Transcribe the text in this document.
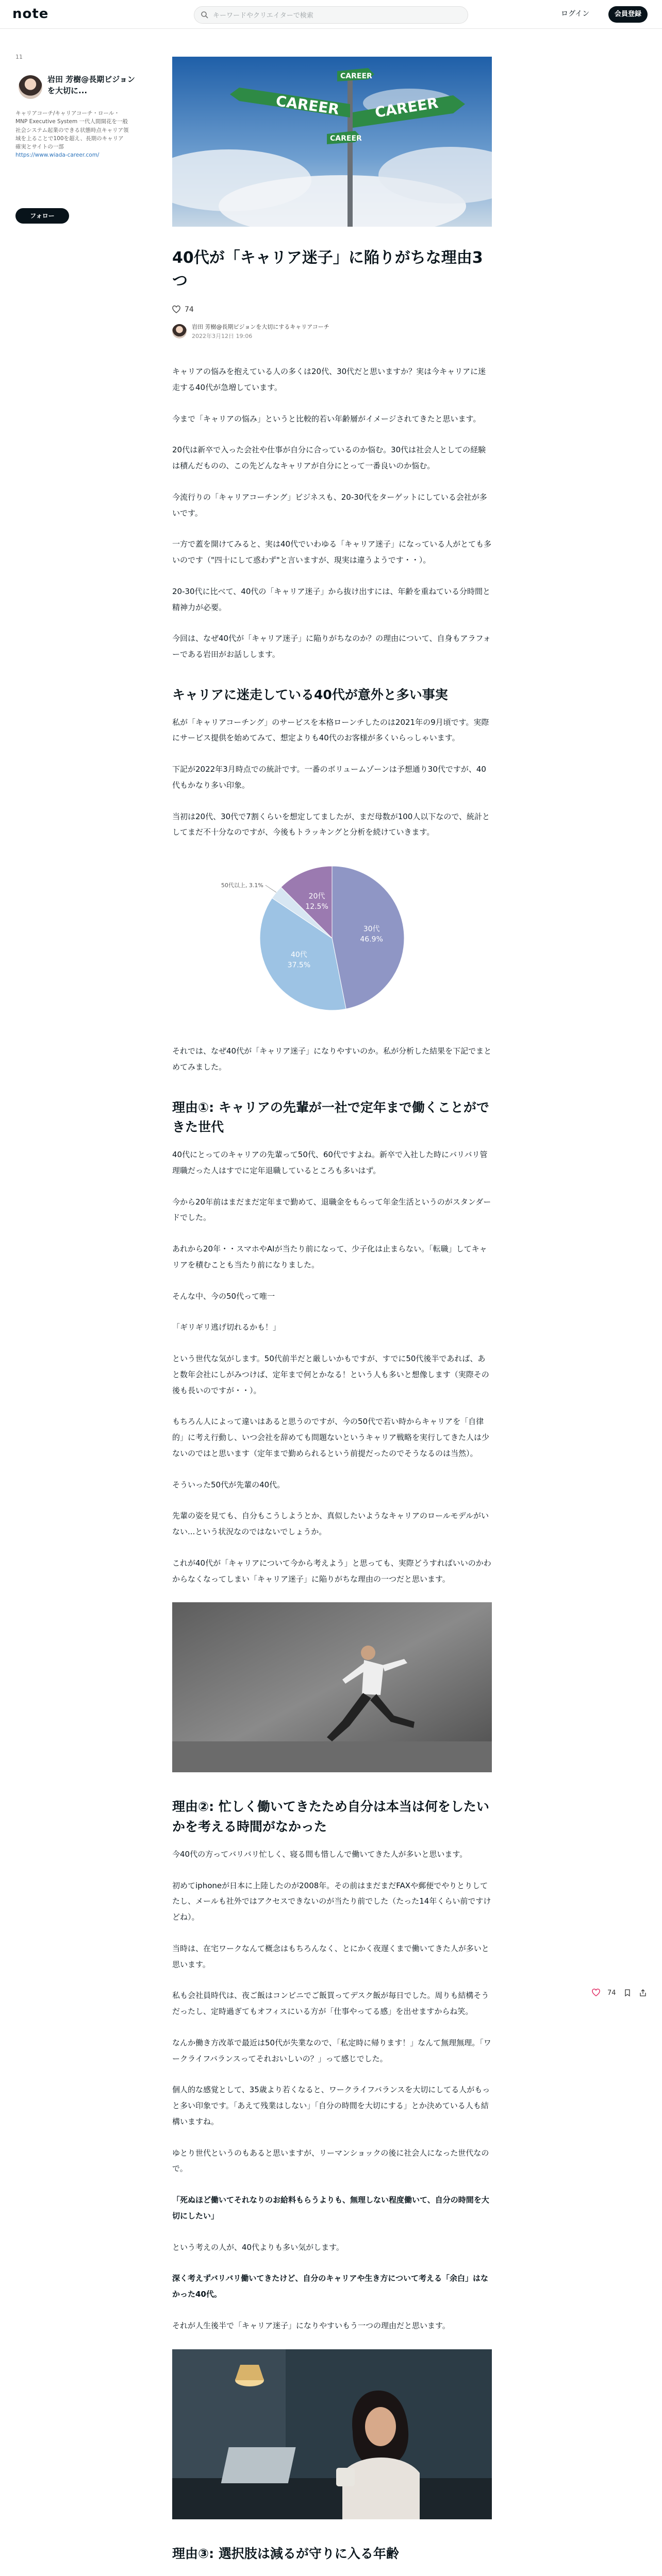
note
キーワードやクリエイターで検索	ログイン	会員登録
11
岩田 芳樹@長期ビジョンを大切に...
キャリアコーチ/キャリアコーチ・ロール・MNP Executive System 一代人間開花を一般社会システム起業のできる状態時点キャリア領域を上ることで100を超え、長期のキャリア確実とサイトの一部
https://www.wiada-career.com/
フォロー
CAREER CAREER
CAREER
CAREER
40代が「キャリア迷子」に陥りがちな理由3つ
74
岩田 芳樹@長期ビジョンを大切にするキャリアコーチ
2022年3月12日 19:06

キャリアの悩みを抱えている人の多くは20代、30代だと思いますか？実は今キャリアに迷走する40代が急増しています。

今まで「キャリアの悩み」というと比較的若い年齢層がイメージされてきたと思います。

20代は新卒で入った会社や仕事が自分に合っているのか悩む。30代は社会人としての経験は積んだものの、この先どんなキャリアが自分にとって一番良いのか悩む。

今流行りの「キャリアコーチング」ビジネスも、20-30代をターゲットにしている会社が多いです。

一方で蓋を開けてみると、実は40代でいわゆる「キャリア迷子」になっている人がとても多いのです（"四十にして惑わず"と言いますが、現実は違うようです・・）。

20-30代に比べて、40代の「キャリア迷子」から抜け出すには、年齢を重ねている分時間と精神力が必要。

今回は、なぜ40代が「キャリア迷子」に陥りがちなのか？の理由について、自身もアラフォーである岩田がお話しします。

キャリアに迷走している40代が意外と多い事実

私が「キャリアコーチング」のサービスを本格ローンチしたのは2021年の9月頃です。実際にサービス提供を始めてみて、想定よりも40代のお客様が多くいらっしゃいます。

下記が2022年3月時点での統計です。一番のボリュームゾーンは予想通り30代ですが、40代もかなり多い印象。

当初は20代、30代で7割くらいを想定してましたが、まだ母数が100人以下なので、統計としてまだ不十分なのですが、今後もトラッキングと分析を続けていきます。

30代
46.9%
40代
37.5%
50代以上, 3.1%
20代
12.5%

それでは、なぜ40代が「キャリア迷子」になりやすいのか。私が分析した結果を下記でまとめてみました。

理由①: キャリアの先輩が一社で定年まで働くことができた世代

40代にとってのキャリアの先輩って50代、60代ですよね。新卒で入社した時にバリバリ管理職だった人はすでに定年退職しているところも多いはず。

今から20年前はまだまだ定年まで勤めて、退職金をもらって年金生活というのがスタンダードでした。

あれから20年・・スマホやAIが当たり前になって、少子化は止まらない。「転職」してキャリアを積むことも当たり前になりました。

そんな中、今の50代って唯一

「ギリギリ逃げ切れるかも！」

という世代な気がします。50代前半だと厳しいかもですが、すでに50代後半であれば、あと数年会社にしがみつけば、定年まで何とかなる！という人も多いと想像します（実際その後も長いのですが・・）。

もちろん人によって違いはあると思うのですが、今の50代で若い時からキャリアを「自律的」に考え行動し、いつ会社を辞めても問題ないというキャリア戦略を実行してきた人は少ないのではと思います（定年まで勤められるという前提だったのでそうなるのは当然）。

そういった50代が先輩の40代。

先輩の姿を見ても、自分もこうしようとか、真似したいようなキャリアのロールモデルがいない...という状況なのではないでしょうか。

これが40代が「キャリアについて今から考えよう」と思っても、実際どうすればいいのかわからなくなってしまい「キャリア迷子」に陥りがちな理由の一つだと思います。

理由②: 忙しく働いてきたため自分は本当は何をしたいかを考える時間がなかった

今40代の方ってバリバリ忙しく、寝る間も惜しんで働いてきた人が多いと思います。

初めてiphoneが日本に上陸したのが2008年。その前はまだまだFAXや郵便でやりとりしてたし、メールも社外ではアクセスできないのが当たり前でした（たった14年くらい前ですけどね）。

当時は、在宅ワークなんて概念はもちろんなく、とにかく夜遅くまで働いてきた人が多いと思います。

私も会社員時代は、夜ご飯はコンビニでご飯買ってデスク飯が毎日でした。周りも結構そうだったし、定時過ぎてもオフィスにいる方が「仕事やってる感」を出せますからね笑。

なんか働き方改革で最近は50代が失業なので、「私定時に帰ります！」なんて無理無理。「ワークライフバランスってそれおいしいの？」って感じでした。

個人的な感覚として、35歳より若くなると、ワークライフバランスを大切にしてる人がもっと多い印象です。「あえて残業はしない」「自分の時間を大切にする」とか決めている人も結構いますね。

ゆとり世代というのもあると思いますが、リーマンショックの後に社会人になった世代なので。

「死ぬほど働いてそれなりのお給料もらうよりも、無理しない程度働いて、自分の時間を大切にしたい」

という考えの人が、40代よりも多い気がします。

深く考えずバリバリ働いてきたけど、自分のキャリアや生き方について考える「余白」はなかった40代。

それが人生後半で「キャリア迷子」になりやすいもう一つの理由だと思います。

理由③: 選択肢は減るが守りに入る年齢

74
